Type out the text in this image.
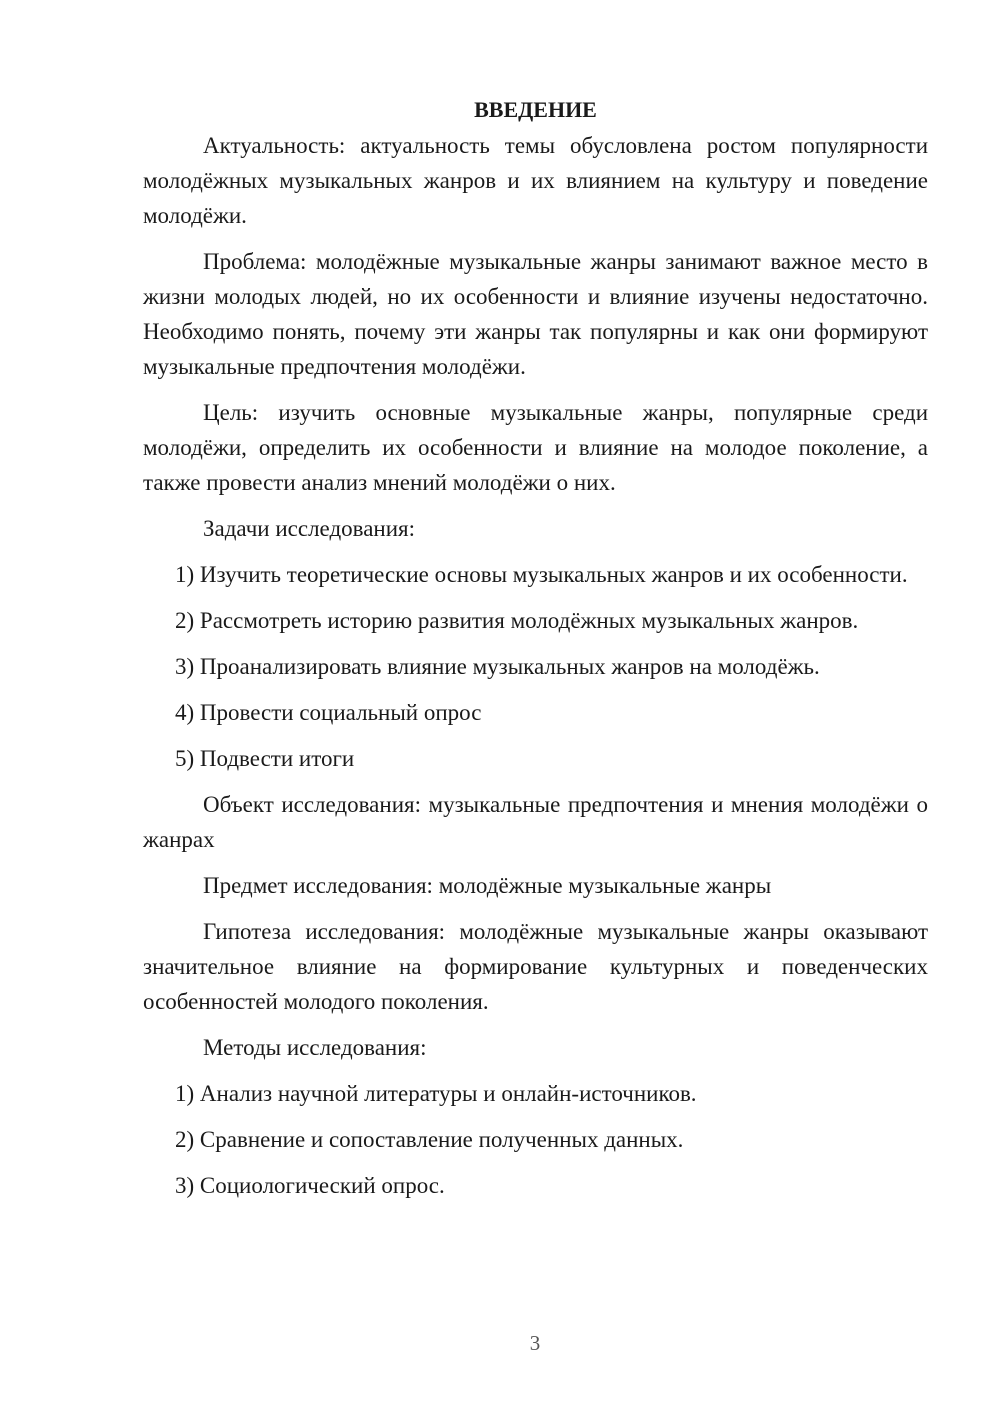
ВВЕДЕНИЕ
Актуальность: актуальность темы обусловлена ростом популярности молодёжных музыкальных жанров и их влиянием на культуру и поведение молодёжи.
Проблема: молодёжные музыкальные жанры занимают важное место в жизни молодых людей, но их особенности и влияние изучены недостаточно. Необходимо понять, почему эти жанры так популярны и как они формируют музыкальные предпочтения молодёжи.
Цель: изучить основные музыкальные жанры, популярные среди молодёжи, определить их особенности и влияние на молодое поколение, а также провести анализ мнений молодёжи о них.
Задачи исследования:
1) Изучить теоретические основы музыкальных жанров и их особенности.
2) Рассмотреть историю развития молодёжных музыкальных жанров.
3) Проанализировать влияние музыкальных жанров на молодёжь.
4) Провести социальный опрос
5) Подвести итоги
Объект исследования: музыкальные предпочтения и мнения молодёжи о жанрах
Предмет исследования: молодёжные музыкальные жанры
Гипотеза исследования: молодёжные музыкальные жанры оказывают значительное влияние на формирование культурных и поведенческих особенностей молодого поколения.
Методы исследования:
1) Анализ научной литературы и онлайн-источников.
2) Сравнение и сопоставление полученных данных.
3) Социологический опрос.
3
